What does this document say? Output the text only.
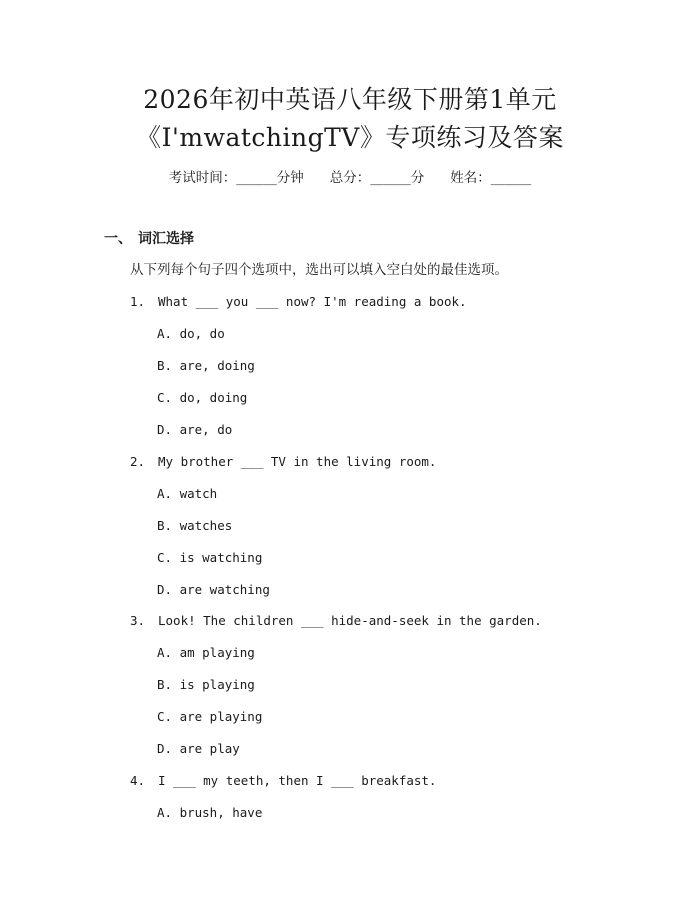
2026年初中英语八年级下册第1单元
《I'mwatchingTV》专项练习及答案
考试时间：______分钟 总分：______分 姓名：______
一、 词汇选择
从下列每个句子四个选项中，选出可以填入空白处的最佳选项。
1. What ___ you ___ now? I'm reading a book.
A. do, do
B. are, doing
C. do, doing
D. are, do
2. My brother ___ TV in the living room.
A. watch
B. watches
C. is watching
D. are watching
3. Look! The children ___ hide-and-seek in the garden.
A. am playing
B. is playing
C. are playing
D. are play
4. I ___ my teeth, then I ___ breakfast.
A. brush, have
